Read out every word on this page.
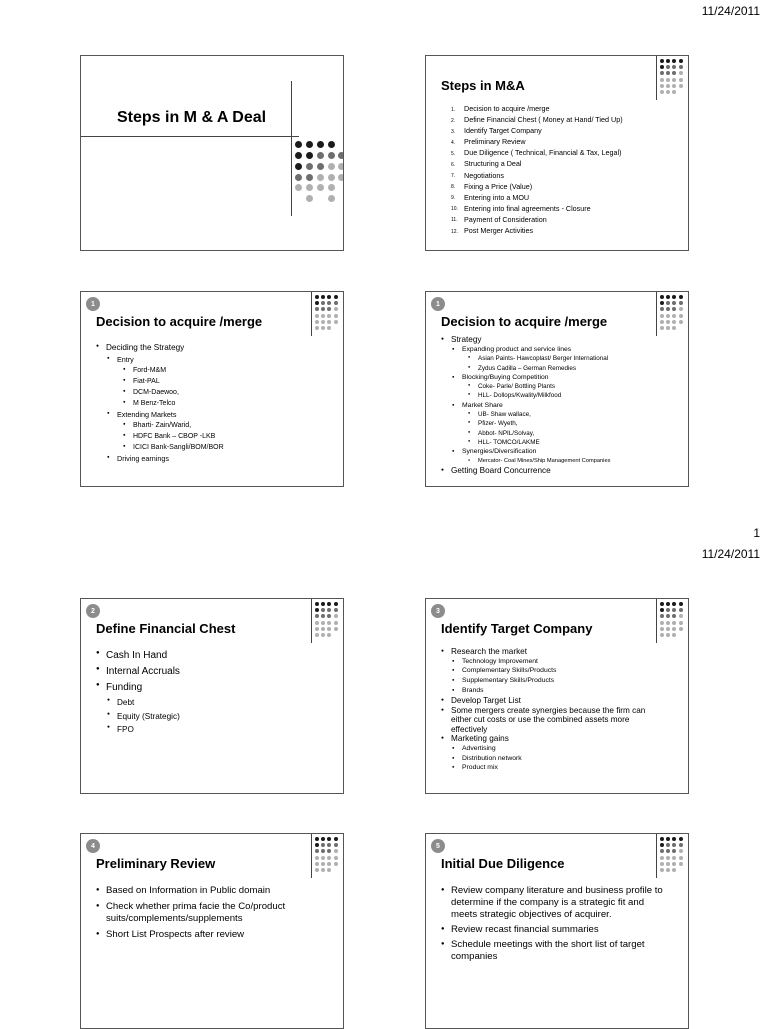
11/24/2011
Steps in M & A Deal
Steps in M&A
1.	Decision to acquire /merge
2.	Define Financial Chest ( Money at Hand/ Tied Up)
3.	Identify Target Company
4.	Preliminary Review
5.	Due Diligence ( Technical, Financial & Tax, Legal)
6.	Structuring a Deal
7.	Negotiations
8.	Fixing a Price (Value)
9.	Entering into a MOU
10. Entering into final agreements - Closure
11. Payment of Consideration
12. Post Merger Activities
1
Decision to acquire /merge
● Deciding the Strategy
● Entry
● Ford-M&M
● Fiat-PAL
● DCM-Daewoo,
● M Benz-Telco
● Extending Markets
● Bharti- Zain/Warid,
● HDFC Bank – CBOP -LKB
● ICICI Bank-Sangli/BOM/BOR
● Driving earnings
1
Decision to acquire /merge
● Strategy
● Expanding product and service lines
● Asian Paints- Hawcoplast/ Berger International
● Zydus Cadilla – German Remedies
● Blocking/Buying Competition
● Coke- Parle/ Bottling Plants
● HLL- Dollops/Kwality/Milkfood
● Market Share
● UB- Shaw wallace,
● Pfizer- Wyeth,
● Abbot- NPIL/Solvay,
● HLL- TOMCO/LAKME
● Synergies/Diversification
● Mercator- Coal Mines/Ship Management Companies
● Getting Board Concurrence
1
11/24/2011
2
Define Financial Chest
● Cash In Hand
● Internal Accruals
● Funding
● Debt
● Equity (Strategic)
● FPO
3
Identify Target Company
● Research the market
● Technology Improvement
● Complementary Skills/Products
● Supplementary Skills/Products
● Brands
● Develop Target List
● Some mergers create synergies because the firm can either cut costs or use the combined assets more effectively
● Marketing gains
● Advertising
● Distribution network
● Product mix
4
Preliminary Review
● Based on Information in Public domain
● Check whether prima facie the Co/product suits/complements/supplements
● Short List Prospects after review
5
Initial Due Diligence
● Review company literature and business profile to determine if the company is a strategic fit and meets strategic objectives of acquirer.
● Review recast financial summaries
● Schedule meetings with the short list of target companies
